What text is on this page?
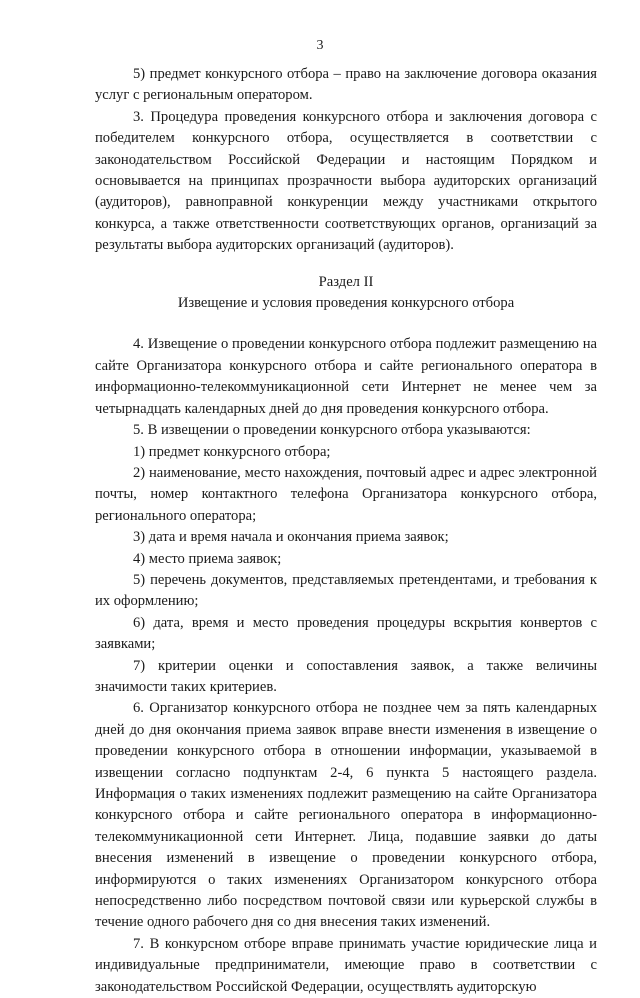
3

5) предмет конкурсного отбора – право на заключение договора оказания услуг с региональным оператором.

3. Процедура проведения конкурсного отбора и заключения договора с победителем конкурсного отбора, осуществляется в соответствии с законодательством Российской Федерации и настоящим Порядком и основывается на принципах прозрачности выбора аудиторских организаций (аудиторов), равноправной конкуренции между участниками открытого конкурса, а также ответственности соответствующих органов, организаций за результаты выбора аудиторских организаций (аудиторов).

Раздел II
Извещение и условия проведения конкурсного отбора

4. Извещение о проведении конкурсного отбора подлежит размещению на сайте Организатора конкурсного отбора и сайте регионального оператора в информационно-телекоммуникационной сети Интернет не менее чем за четырнадцать календарных дней до дня проведения конкурсного отбора.

5. В извещении о проведении конкурсного отбора указываются:

1) предмет конкурсного отбора;

2) наименование, место нахождения, почтовый адрес и адрес электронной почты, номер контактного телефона Организатора конкурсного отбора, регионального оператора;

3) дата и время начала и окончания приема заявок;

4) место приема заявок;

5) перечень документов, представляемых претендентами, и требования к их оформлению;

6) дата, время и место проведения процедуры вскрытия конвертов с заявками;

7) критерии оценки и сопоставления заявок, а также величины значимости таких критериев.

6. Организатор конкурсного отбора не позднее чем за пять календарных дней до дня окончания приема заявок вправе внести изменения в извещение о проведении конкурсного отбора в отношении информации, указываемой в извещении согласно подпунктам 2-4, 6 пункта 5 настоящего раздела. Информация о таких изменениях подлежит размещению на сайте Организатора конкурсного отбора и сайте регионального оператора в информационно-телекоммуникационной сети Интернет. Лица, подавшие заявки до даты внесения изменений в извещение о проведении конкурсного отбора, информируются о таких изменениях Организатором конкурсного отбора непосредственно либо посредством почтовой связи или курьерской службы в течение одного рабочего дня со дня внесения таких изменений.

7. В конкурсном отборе вправе принимать участие юридические лица и индивидуальные предприниматели, имеющие право в соответствии с законодательством Российской Федерации, осуществлять аудиторскую
